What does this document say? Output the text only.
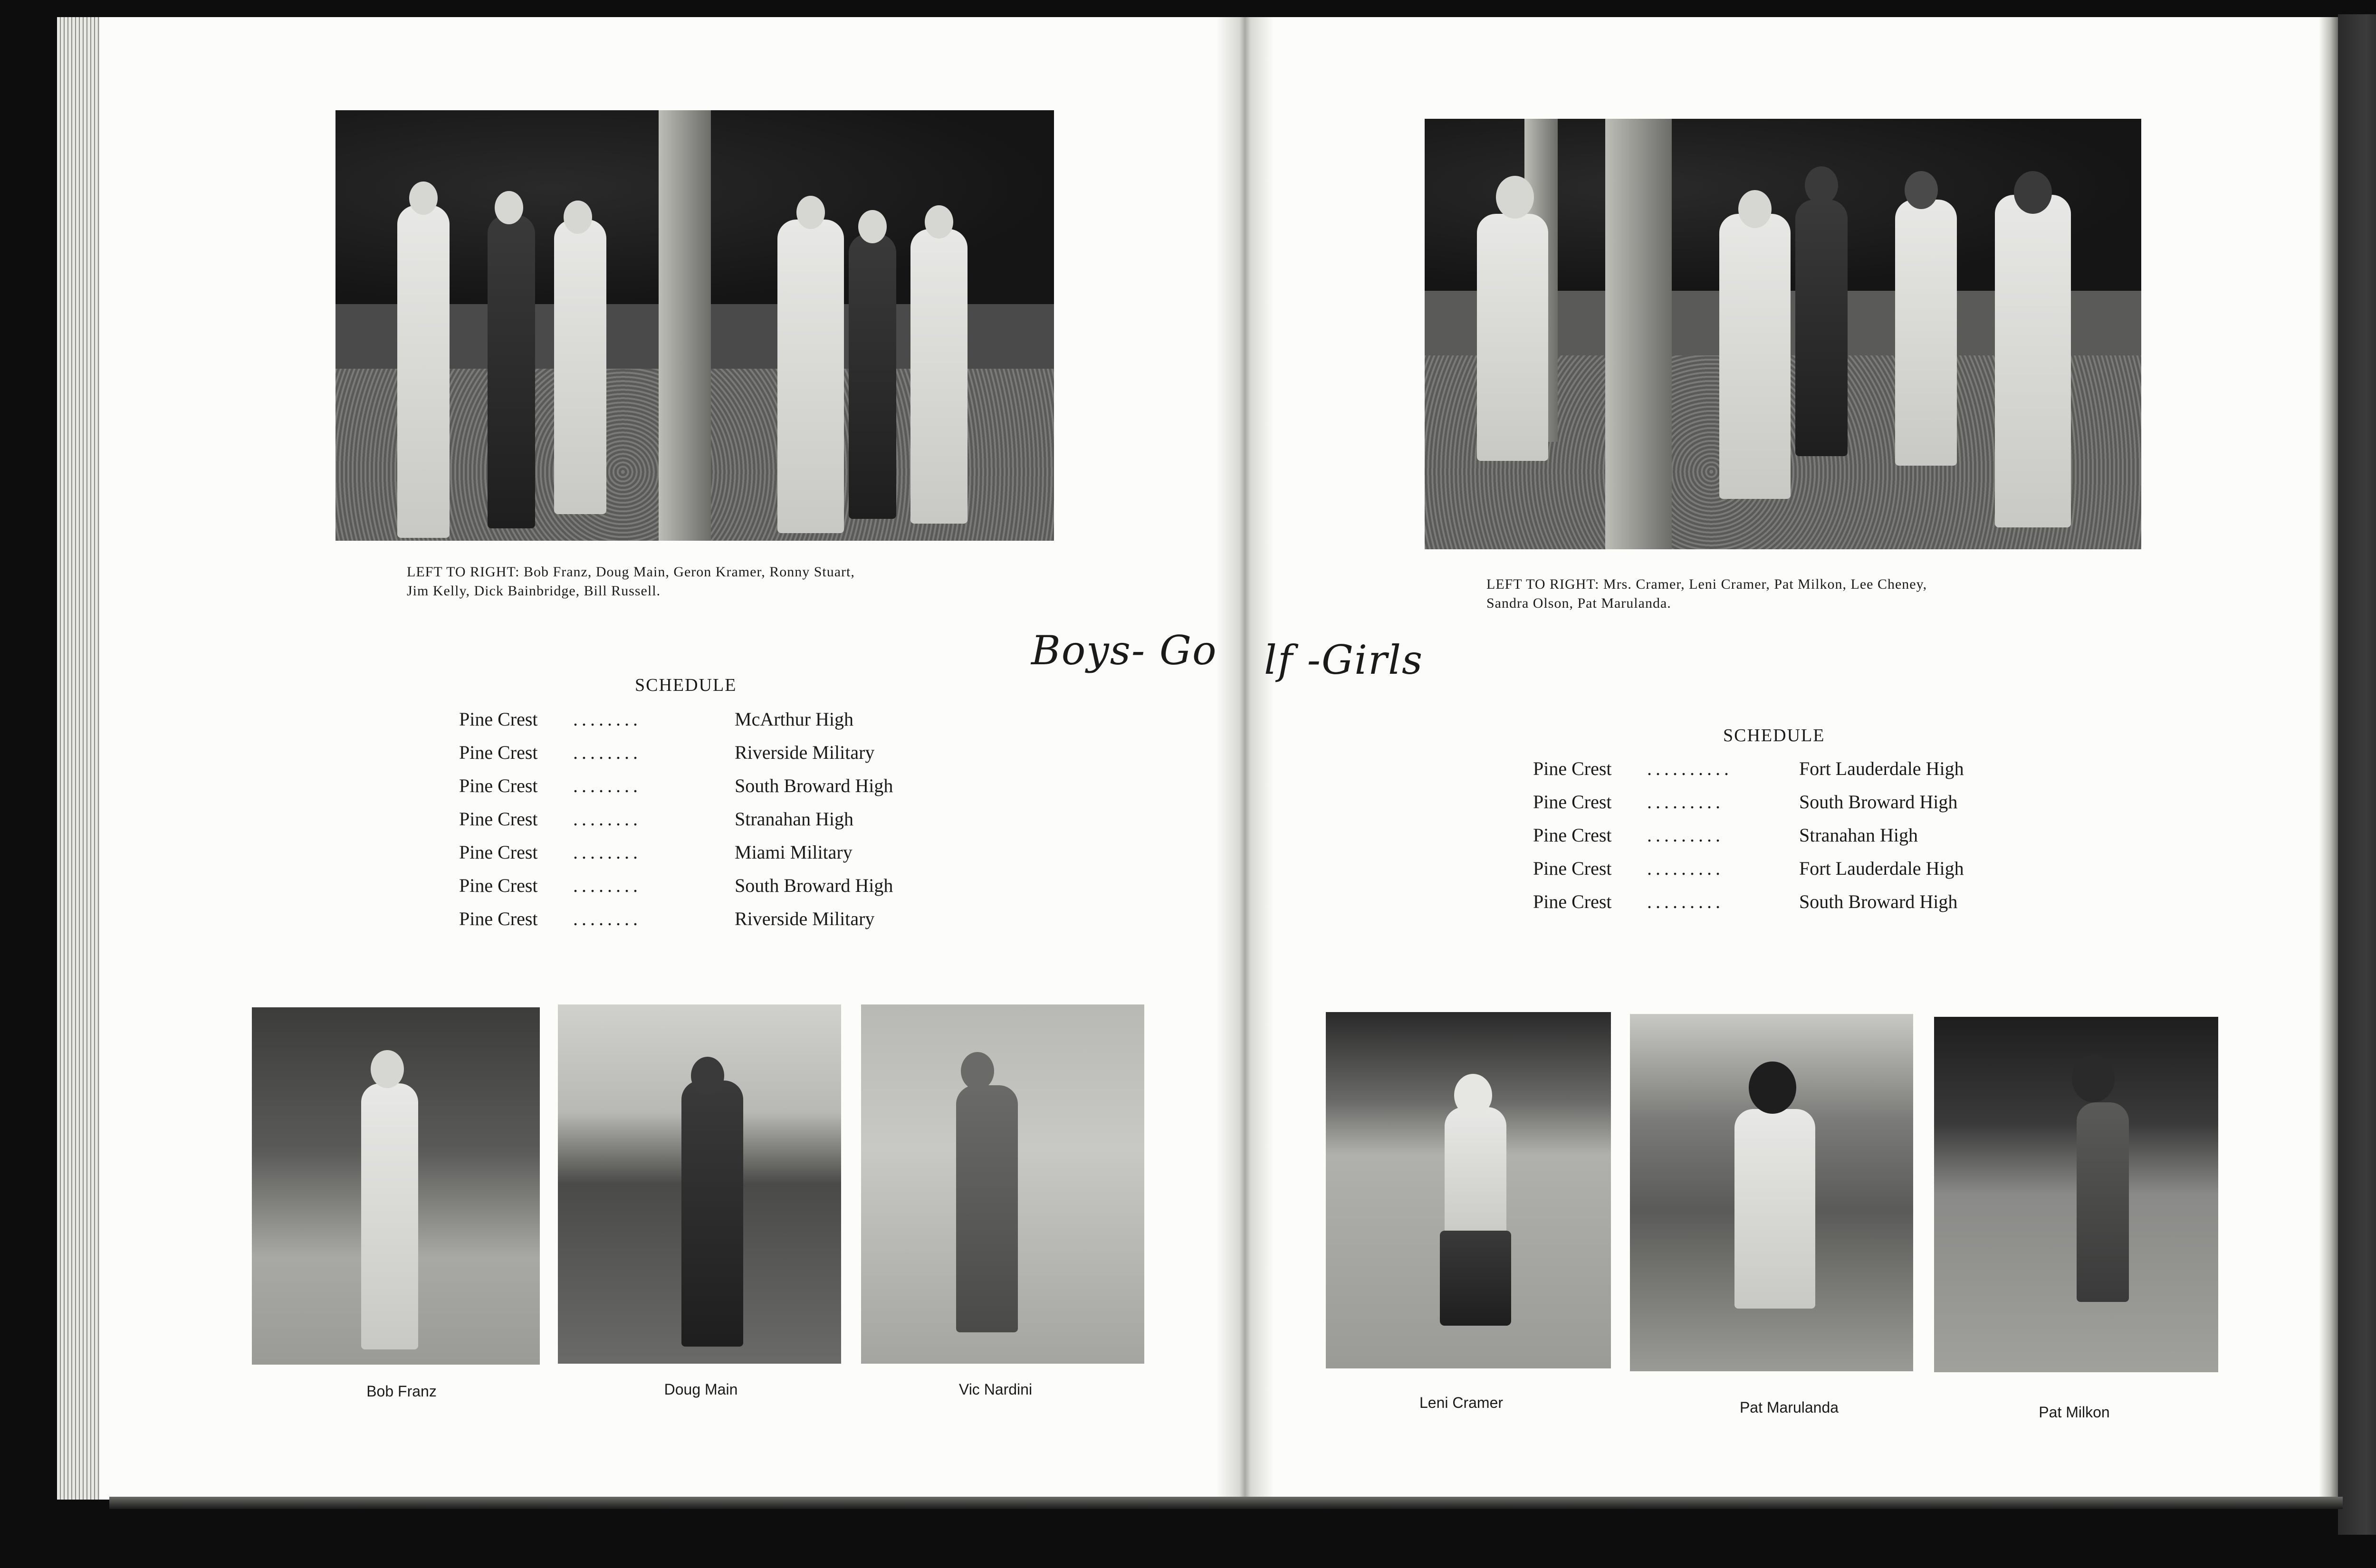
LEFT TO RIGHT: Bob Franz, Doug Main, Geron Kramer, Ronny Stuart,
Jim Kelly, Dick Bainbridge, Bill Russell.
Boys- Go lf -Girls
SCHEDULE
Pine Crest ........	McArthur High
Pine Crest ........	Riverside Military
Pine Crest ........	South Broward High
Pine Crest ........	Stranahan High
Pine Crest ........	Miami Military
Pine Crest ........	South Broward High
Pine Crest ........	Riverside Military
Bob Franz	Doug Main	Vic Nardini
LEFT TO RIGHT: Mrs. Cramer, Leni Cramer, Pat Milkon, Lee Cheney,
Sandra Olson, Pat Marulanda.
SCHEDULE
Pine Crest ..........	Fort Lauderdale High
Pine Crest .........	South Broward High
Pine Crest .........	Stranahan High
Pine Crest .........	Fort Lauderdale High
Pine Crest .........	South Broward High
Leni Cramer	Pat Marulanda	Pat Milkon
